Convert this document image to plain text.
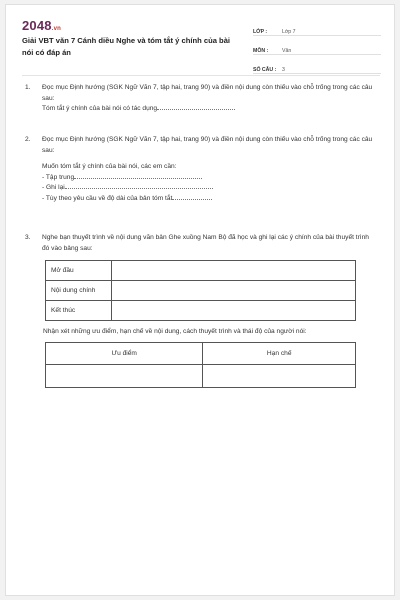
2048.vn
Giải VBT văn 7 Cánh diều Nghe và tóm tắt ý chính của bài nói có đáp án
LỚP :	Lớp 7
MÔN :	Văn
SỐ CÂU :	3
1. Đọc mục Định hướng (SGK Ngữ Văn 7, tập hai, trang 90) và điền nội dung còn thiếu vào chỗ trống trong các câu sau:
Tóm tắt ý chính của bài nói có tác dụng
2. Đọc mục Định hướng (SGK Ngữ Văn 7, tập hai, trang 90) và điền nội dung còn thiếu vào chỗ trống trong các câu sau:
Muốn tóm tắt ý chính của bài nói, các em cần:
- Tập trung
- Ghi lại
- Tùy theo yêu cầu về độ dài của bản tóm tắt
3. Nghe bạn thuyết trình về nội dung văn bản Ghe xuồng Nam Bộ đã học và ghi lại các ý chính của bài thuyết trình đó vào bảng sau:
Mở đầu	
Nội dung chính	
Kết thúc	
Nhận xét những ưu điểm, hạn chế về nội dung, cách thuyết trình và thái độ của người nói:
Ưu điểm	Hạn chế
